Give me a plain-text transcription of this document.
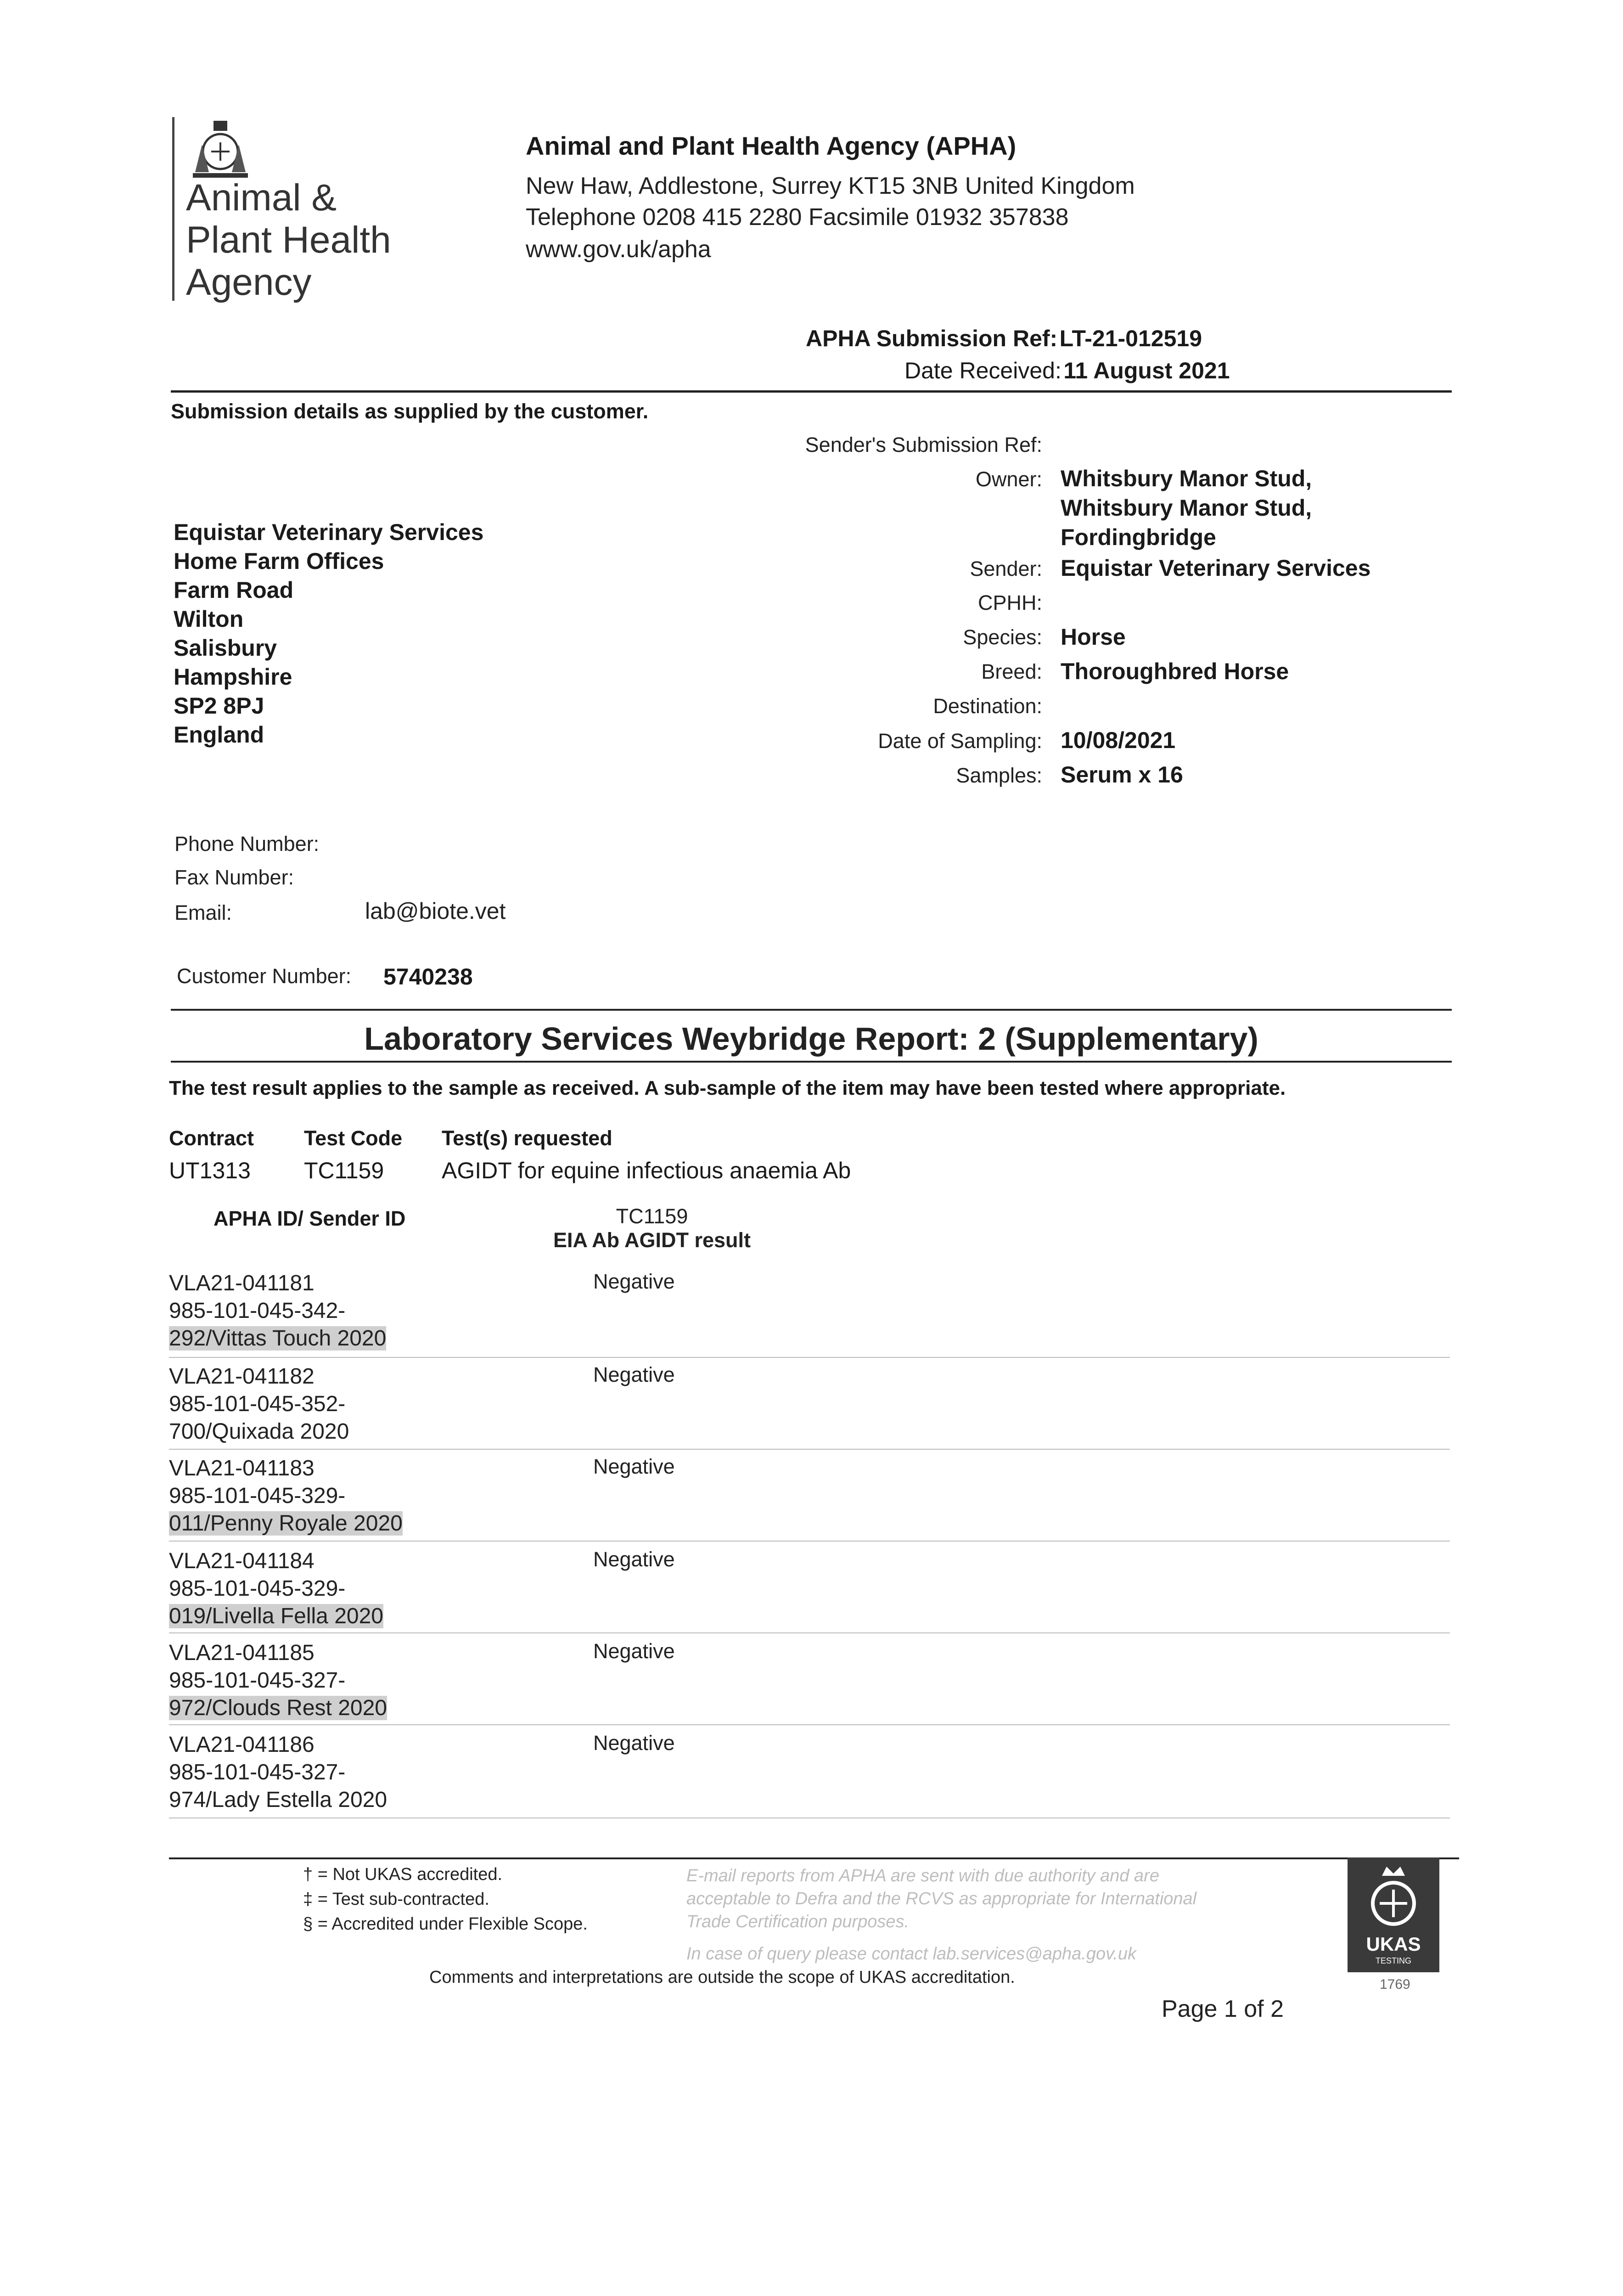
Animal &
Plant Health
Agency
Animal and Plant Health Agency (APHA)
New Haw, Addlestone, Surrey KT15 3NB United Kingdom
Telephone 0208 415 2280 Facsimile 01932 357838
www.gov.uk/apha
APHA Submission Ref: LT-21-012519
Date Received: 11 August 2021
Submission details as supplied by the customer.
Equistar Veterinary Services
Home Farm Offices
Farm Road
Wilton
Salisbury
Hampshire
SP2 8PJ
England
Sender's Submission Ref:
Owner: Whitsbury Manor Stud,
Whitsbury Manor Stud,
Fordingbridge
Sender: Equistar Veterinary Services
CPHH:
Species: Horse
Breed: Thoroughbred Horse
Destination:
Date of Sampling: 10/08/2021
Samples: Serum x 16
Phone Number:
Fax Number:
Email:	lab@biote.vet
Customer Number: 5740238
Laboratory Services Weybridge Report: 2 (Supplementary)
The test result applies to the sample as received. A sub-sample of the item may have been tested where appropriate.
Contract Test Code Test(s) requested
UT1313 TC1159	AGIDT for equine infectious anaemia Ab
APHA ID/ Sender ID	TC1159
EIA Ab AGIDT result
VLA21-041181
985-101-045-342-
292/Vittas Touch 2020
Negative
VLA21-041182
985-101-045-352-
700/Quixada 2020
Negative
VLA21-041183
985-101-045-329-
011/Penny Royale 2020
Negative
VLA21-041184
985-101-045-329-
019/Livella Fella 2020
Negative
VLA21-041185
985-101-045-327-
972/Clouds Rest 2020
Negative
VLA21-041186
985-101-045-327-
974/Lady Estella 2020
Negative
† = Not UKAS accredited.
‡ = Test sub-contracted.
§ = Accredited under Flexible Scope.
E-mail reports from APHA are sent with due authority and are
acceptable to Defra and the RCVS as appropriate for International
Trade Certification purposes.
In case of query please contact lab.services@apha.gov.uk
Comments and interpretations are outside the scope of UKAS accreditation.
Page 1 of 2
UKAS
TESTING
1769
